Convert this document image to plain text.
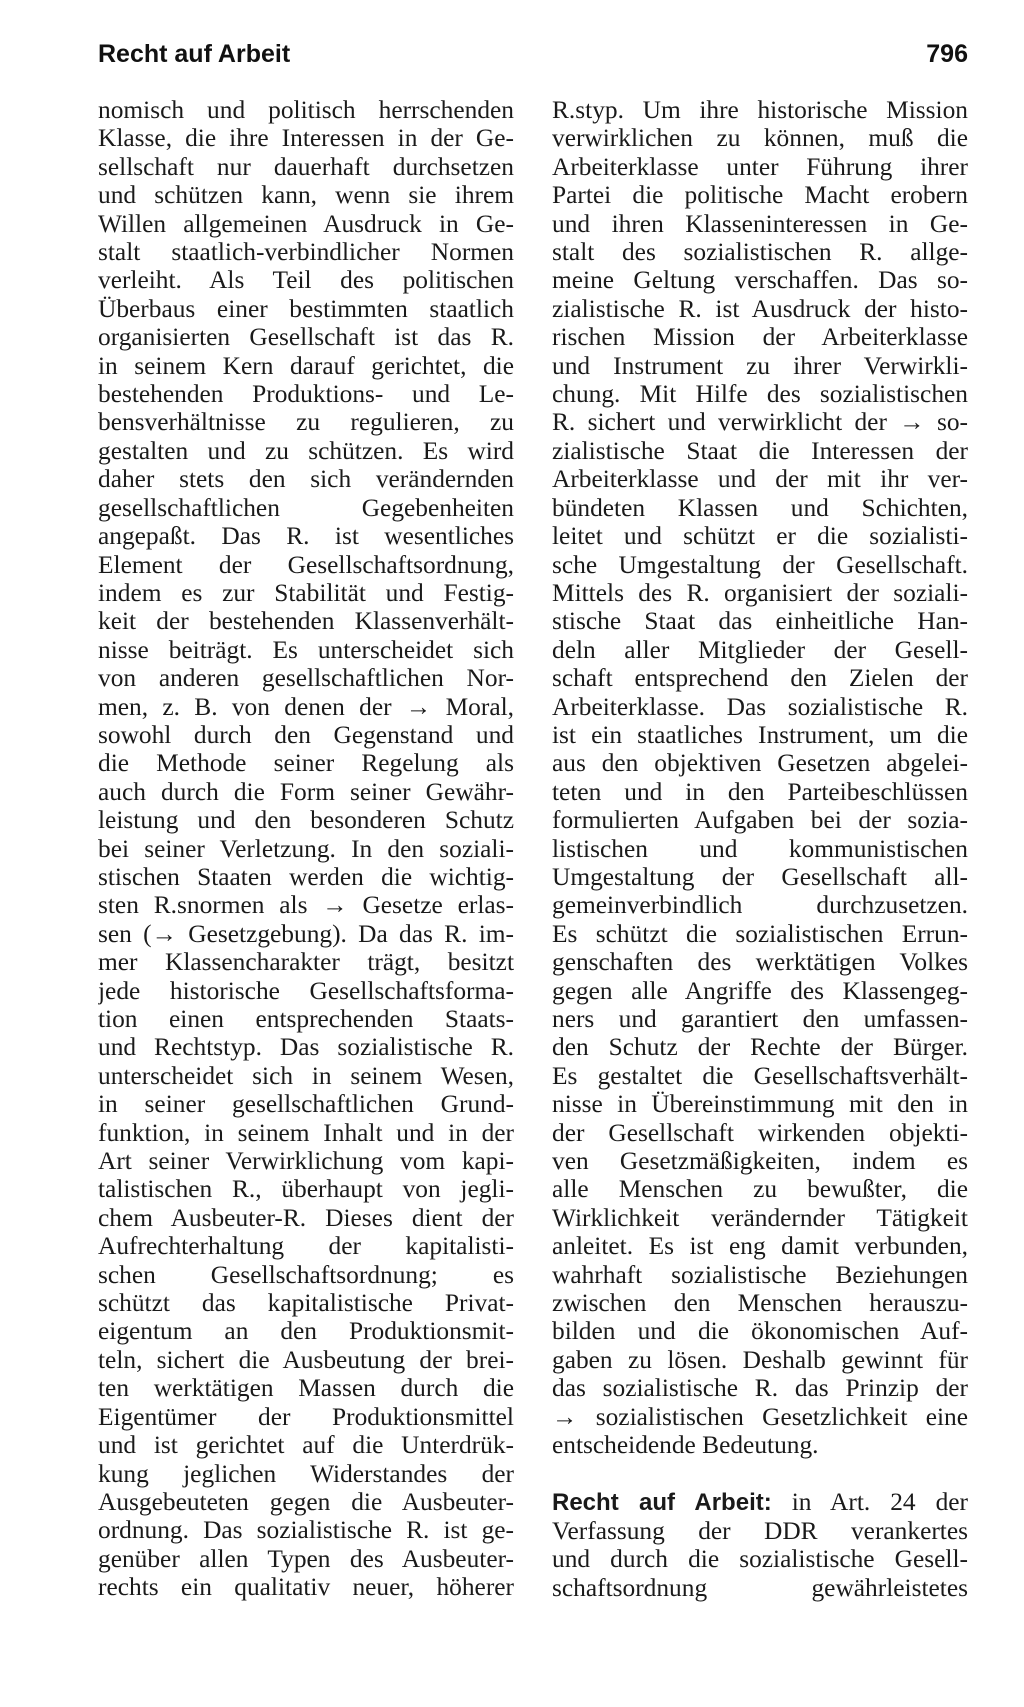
Recht auf Arbeit	796
nomisch und politisch herrschenden
Klasse, die ihre Interessen in der Ge-
sellschaft nur dauerhaft durchsetzen
und schützen kann, wenn sie ihrem
Willen allgemeinen Ausdruck in Ge-
stalt staatlich-verbindlicher Normen
verleiht. Als Teil des politischen
Überbaus einer bestimmten staatlich
organisierten Gesellschaft ist das R.
in seinem Kern darauf gerichtet, die
bestehenden Produktions- und Le-
bensverhältnisse zu regulieren, zu
gestalten und zu schützen. Es wird
daher stets den sich verändernden
gesellschaftlichen Gegebenheiten
angepaßt. Das R. ist wesentliches
Element der Gesellschaftsordnung,
indem es zur Stabilität und Festig-
keit der bestehenden Klassenverhält-
nisse beiträgt. Es unterscheidet sich
von anderen gesellschaftlichen Nor-
men, z. B. von denen der → Moral,
sowohl durch den Gegenstand und
die Methode seiner Regelung als
auch durch die Form seiner Gewähr-
leistung und den besonderen Schutz
bei seiner Verletzung. In den soziali-
stischen Staaten werden die wichtig-
sten R.snormen als → Gesetze erlas-
sen (→ Gesetzgebung). Da das R. im-
mer Klassencharakter trägt, besitzt
jede historische Gesellschaftsforma-
tion einen entsprechenden Staats-
und Rechtstyp. Das sozialistische R.
unterscheidet sich in seinem Wesen,
in seiner gesellschaftlichen Grund-
funktion, in seinem Inhalt und in der
Art seiner Verwirklichung vom kapi-
talistischen R., überhaupt von jegli-
chem Ausbeuter-R. Dieses dient der
Aufrechterhaltung der kapitalisti-
schen Gesellschaftsordnung; es
schützt das kapitalistische Privat-
eigentum an den Produktionsmit-
teln, sichert die Ausbeutung der brei-
ten werktätigen Massen durch die
Eigentümer der Produktionsmittel
und ist gerichtet auf die Unterdrük-
kung jeglichen Widerstandes der
Ausgebeuteten gegen die Ausbeuter-
ordnung. Das sozialistische R. ist ge-
genüber allen Typen des Ausbeuter-
rechts ein qualitativ neuer, höherer
R.styp. Um ihre historische Mission
verwirklichen zu können, muß die
Arbeiterklasse unter Führung ihrer
Partei die politische Macht erobern
und ihren Klasseninteressen in Ge-
stalt des sozialistischen R. allge-
meine Geltung verschaffen. Das so-
zialistische R. ist Ausdruck der histo-
rischen Mission der Arbeiterklasse
und Instrument zu ihrer Verwirkli-
chung. Mit Hilfe des sozialistischen
R. sichert und verwirklicht der → so-
zialistische Staat die Interessen der
Arbeiterklasse und der mit ihr ver-
bündeten Klassen und Schichten,
leitet und schützt er die sozialisti-
sche Umgestaltung der Gesellschaft.
Mittels des R. organisiert der soziali-
stische Staat das einheitliche Han-
deln aller Mitglieder der Gesell-
schaft entsprechend den Zielen der
Arbeiterklasse. Das sozialistische R.
ist ein staatliches Instrument, um die
aus den objektiven Gesetzen abgelei-
teten und in den Parteibeschlüssen
formulierten Aufgaben bei der sozia-
listischen und kommunistischen
Umgestaltung der Gesellschaft all-
gemeinverbindlich durchzusetzen.
Es schützt die sozialistischen Errun-
genschaften des werktätigen Volkes
gegen alle Angriffe des Klassengeg-
ners und garantiert den umfassen-
den Schutz der Rechte der Bürger.
Es gestaltet die Gesellschaftsverhält-
nisse in Übereinstimmung mit den in
der Gesellschaft wirkenden objekti-
ven Gesetzmäßigkeiten, indem es
alle Menschen zu bewußter, die
Wirklichkeit verändernder Tätigkeit
anleitet. Es ist eng damit verbunden,
wahrhaft sozialistische Beziehungen
zwischen den Menschen herauszu-
bilden und die ökonomischen Auf-
gaben zu lösen. Deshalb gewinnt für
das sozialistische R. das Prinzip der
→ sozialistischen Gesetzlichkeit eine
entscheidende Bedeutung.
Recht auf Arbeit: in Art. 24 der
Verfassung der DDR verankertes
und durch die sozialistische Gesell-
schaftsordnung gewährleistetes
